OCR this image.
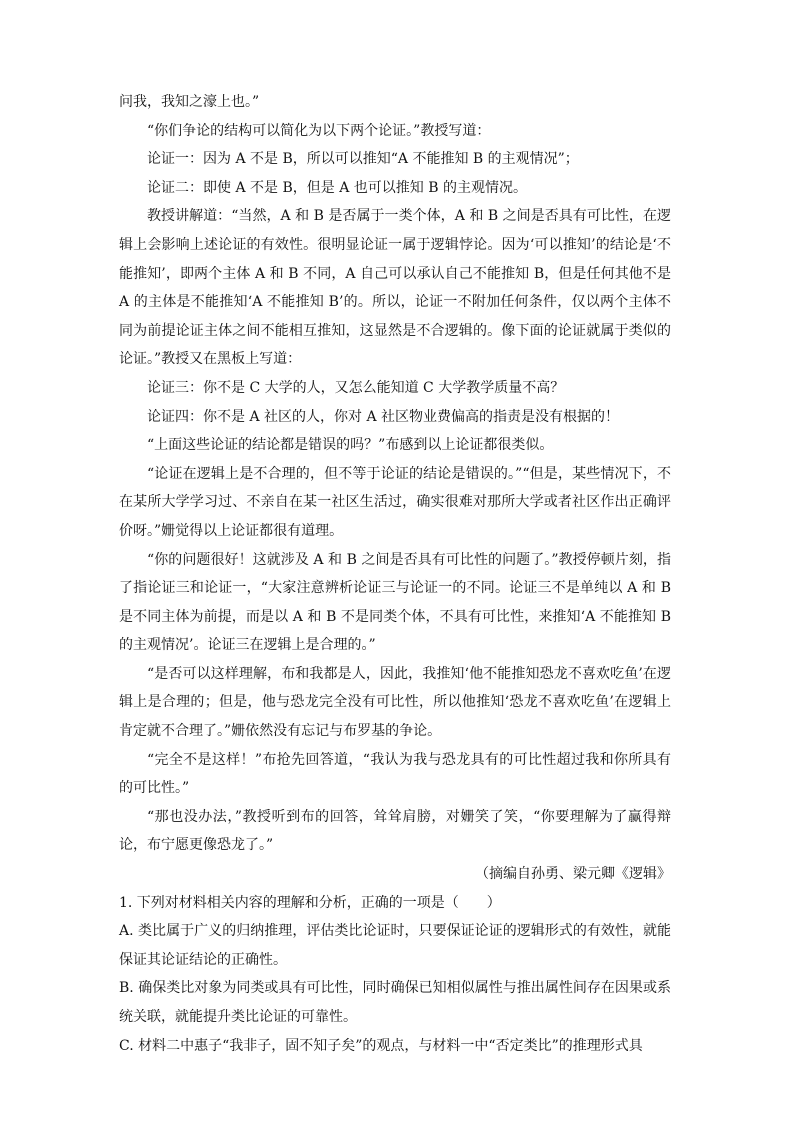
问我，我知之濠上也。”

“你们争论的结构可以简化为以下两个论证。”教授写道：

论证一：因为 A 不是 B，所以可以推知“A 不能推知 B 的主观情况”；

论证二：即使 A 不是 B，但是 A 也可以推知 B 的主观情况。

教授讲解道：“当然，A 和 B 是否属于一类个体，A 和 B 之间是否具有可比性，在逻辑上会影响上述论证的有效性。很明显论证一属于逻辑悖论。因为‘可以推知’的结论是‘不能推知’，即两个主体 A 和 B 不同，A 自己可以承认自己不能推知 B，但是任何其他不是 A 的主体是不能推知‘A 不能推知 B’的。所以，论证一不附加任何条件，仅以两个主体不同为前提论证主体之间不能相互推知，这显然是不合逻辑的。像下面的论证就属于类似的论证。”教授又在黑板上写道：

论证三：你不是 C 大学的人，又怎么能知道 C 大学教学质量不高？

论证四：你不是 A 社区的人，你对 A 社区物业费偏高的指责是没有根据的！

“上面这些论证的结论都是错误的吗？”布感到以上论证都很类似。

“论证在逻辑上是不合理的，但不等于论证的结论是错误的。”“但是，某些情况下，不在某所大学学习过、不亲自在某一社区生活过，确实很难对那所大学或者社区作出正确评价呀。”姗觉得以上论证都很有道理。

“你的问题很好！这就涉及 A 和 B 之间是否具有可比性的问题了。”教授停顿片刻，指了指论证三和论证一，“大家注意辨析论证三与论证一的不同。论证三不是单纯以 A 和 B 是不同主体为前提，而是以 A 和 B 不是同类个体，不具有可比性，来推知‘A 不能推知 B 的主观情况’。论证三在逻辑上是合理的。”

“是否可以这样理解，布和我都是人，因此，我推知‘他不能推知恐龙不喜欢吃鱼’在逻辑上是合理的；但是，他与恐龙完全没有可比性，所以他推知‘恐龙不喜欢吃鱼’在逻辑上肯定就不合理了。”姗依然没有忘记与布罗基的争论。

“完全不是这样！”布抢先回答道，“我认为我与恐龙具有的可比性超过我和你所具有的可比性。”

“那也没办法，”教授听到布的回答，耸耸肩膀，对姗笑了笑，“你要理解为了赢得辩论，布宁愿更像恐龙了。”

（摘编自孙勇、梁元卿《逻辑》

1. 下列对材料相关内容的理解和分析，正确的一项是（　　）

A. 类比属于广义的归纳推理，评估类比论证时，只要保证论证的逻辑形式的有效性，就能保证其论证结论的正确性。

B. 确保类比对象为同类或具有可比性，同时确保已知相似属性与推出属性间存在因果或系统关联，就能提升类比论证的可靠性。

C. 材料二中惠子“我非子，固不知子矣”的观点，与材料一中“否定类比”的推理形式具
